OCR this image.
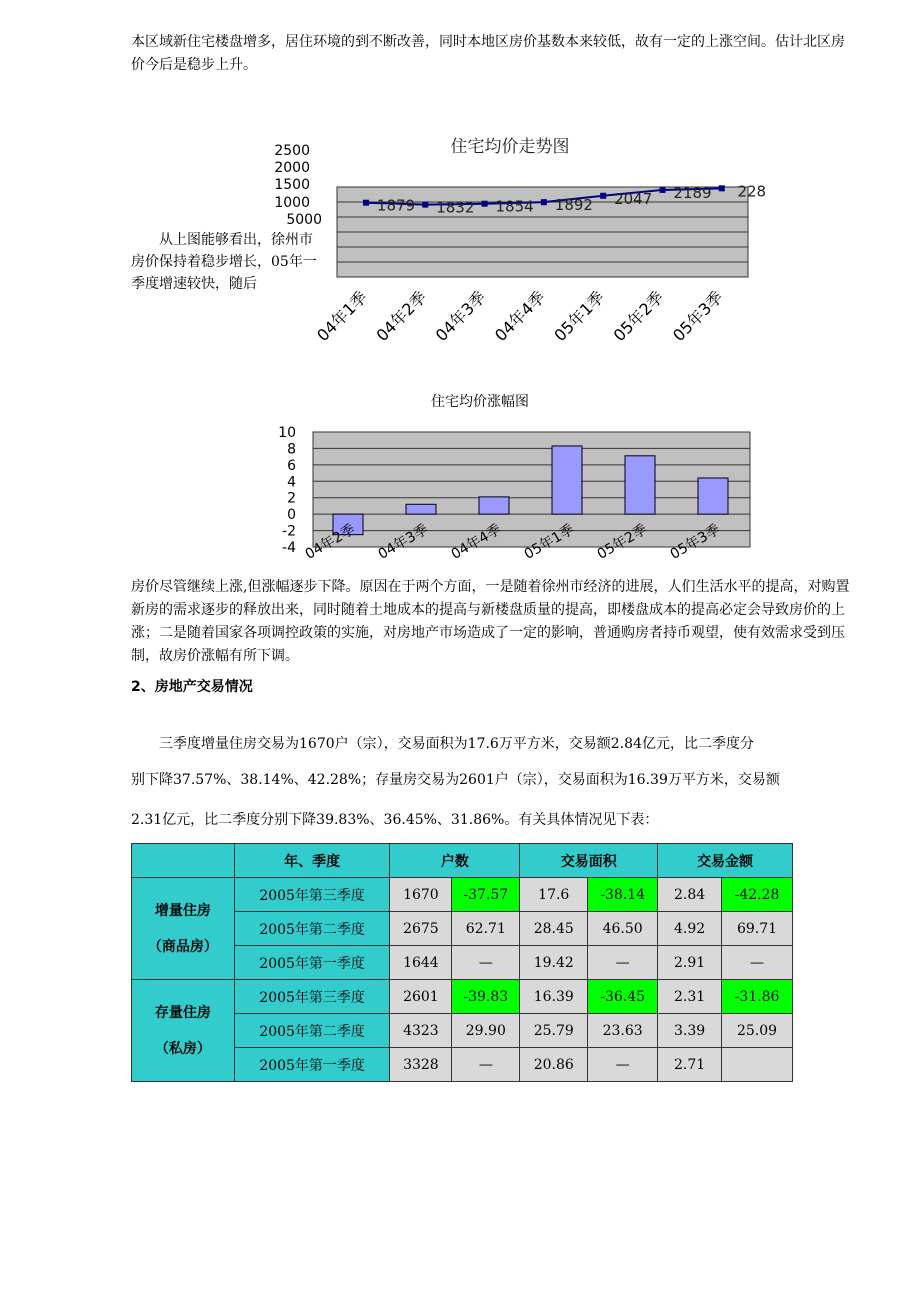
本区域新住宅楼盘增多，居住环境的到不断改善，同时本地区房价基数本来较低，故有一定的上涨空间。估计北区房价今后是稳步上升。

住宅均价走势图
2500
2000
1500
1000
5000
1879 1832 1854 1892 2047 2189 228
04年1季 04年2季 04年3季 04年4季 05年1季 05年2季 05年3季

从上图能够看出，徐州市房价保持着稳步增长，05年一季度增速较快，随后

住宅均价涨幅图
10
8
6
4
2
0
-2
-4 04年2季 04年3季 04年4季 05年1季 05年2季 05年3季

房价尽管继续上涨,但涨幅逐步下降。原因在于两个方面，一是随着徐州市经济的进展，人们生活水平的提高，对购置新房的需求逐步的释放出来，同时随着土地成本的提高与新楼盘质量的提高，即楼盘成本的提高必定会导致房价的上涨；二是随着国家各项调控政策的实施，对房地产市场造成了一定的影响，普通购房者持币观望，使有效需求受到压制，故房价涨幅有所下调。

2、房地产交易情况

三季度增量住房交易为1670户（宗），交易面积为17.6万平方米，交易额2.84亿元，比二季度分

别下降37.57%、38.14%、42.28%；存量房交易为2601户（宗），交易面积为16.39万平方米，交易额

2.31亿元，比二季度分别下降39.83%、36.45%、31.86%。有关具体情况见下表：

	年、季度	户数		交易面积		交易金额	
增量住房
（商品房）	2005年第三季度	1670	-37.57	17.6	-38.14	2.84	-42.28
	2005年第二季度	2675	62.71	28.45	46.50	4.92	69.71
	2005年第一季度	1644	—	19.42	—	2.91	—
存量住房
（私房）	2005年第三季度	2601	-39.83	16.39	-36.45	2.31	-31.86
	2005年第二季度	4323	29.90	25.79	23.63	3.39	25.09
	2005年第一季度	3328	—	20.86	—	2.71	
